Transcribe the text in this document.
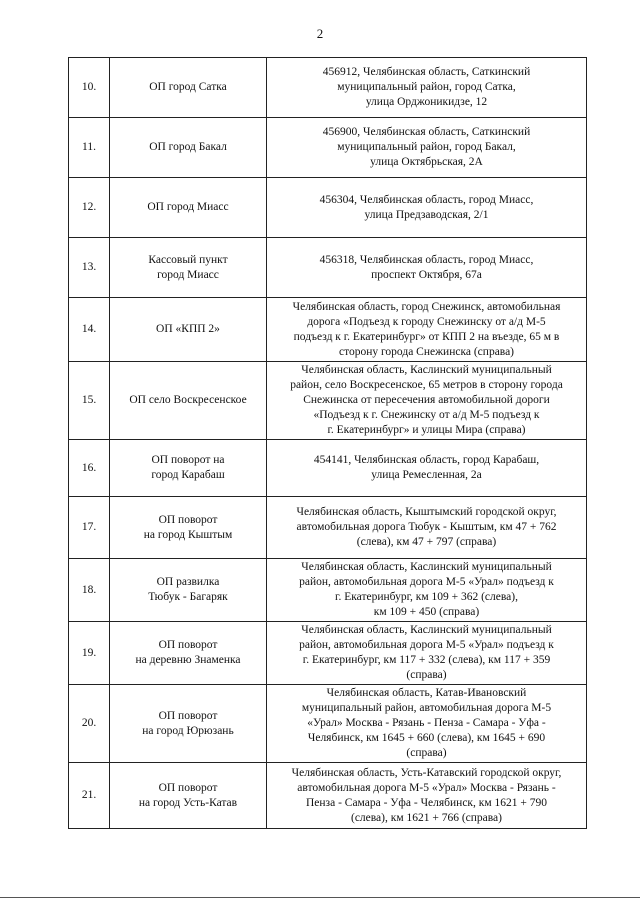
2
10.	ОП город Сатка	456912, Челябинская область, Саткинский
муниципальный район, город Сатка,
улица Орджоникидзе, 12

11.	ОП город Бакал	456900, Челябинская область, Саткинский
муниципальный район, город Бакал,
улица Октябрьская, 2А

12.	ОП город Миасс	456304, Челябинская область, город Миасс,
улица Предзаводская, 2/1

13.	Кассовый пункт
город Миасс	456318, Челябинская область, город Миасс,
проспект Октября, 67а

14.	ОП «КПП 2»	Челябинская область, город Снежинск, автомобильная
дорога «Подъезд к городу Снежинску от а/д М-5
подъезд к г. Екатеринбург» от КПП 2 на въезде, 65 м в
сторону города Снежинска (справа)

15.	ОП село Воскресенское	Челябинская область, Каслинский муниципальный
район, село Воскресенское, 65 метров в сторону города
Снежинска от пересечения автомобильной дороги
«Подъезд к г. Снежинску от а/д М-5 подъезд к
г. Екатеринбург» и улицы Мира (справа)

16.	ОП поворот на
город Карабаш	454141, Челябинская область, город Карабаш,
улица Ремесленная, 2а

17.	ОП поворот
на город Кыштым	Челябинская область, Кыштымский городской округ,
автомобильная дорога Тюбук - Кыштым, км 47 + 762
(слева), км 47 + 797 (справа)

18.	ОП развилка
Тюбук - Багаряк	Челябинская область, Каслинский муниципальный
район, автомобильная дорога М-5 «Урал» подъезд к
г. Екатеринбург, км 109 + 362 (слева),
км 109 + 450 (справа)

19.	ОП поворот
на деревню Знаменка	Челябинская область, Каслинский муниципальный
район, автомобильная дорога М-5 «Урал» подъезд к
г. Екатеринбург, км 117 + 332 (слева), км 117 + 359
(справа)

20.	ОП поворот
на город Юрюзань	Челябинская область, Катав-Ивановский
муниципальный район, автомобильная дорога М-5
«Урал» Москва - Рязань - Пенза - Самара - Уфа -
Челябинск, км 1645 + 660 (слева), км 1645 + 690
(справа)

21.	ОП поворот
на город Усть-Катав	Челябинская область, Усть-Катавский городской округ,
автомобильная дорога М-5 «Урал» Москва - Рязань -
Пенза - Самара - Уфа - Челябинск, км 1621 + 790
(слева), км 1621 + 766 (справа)
